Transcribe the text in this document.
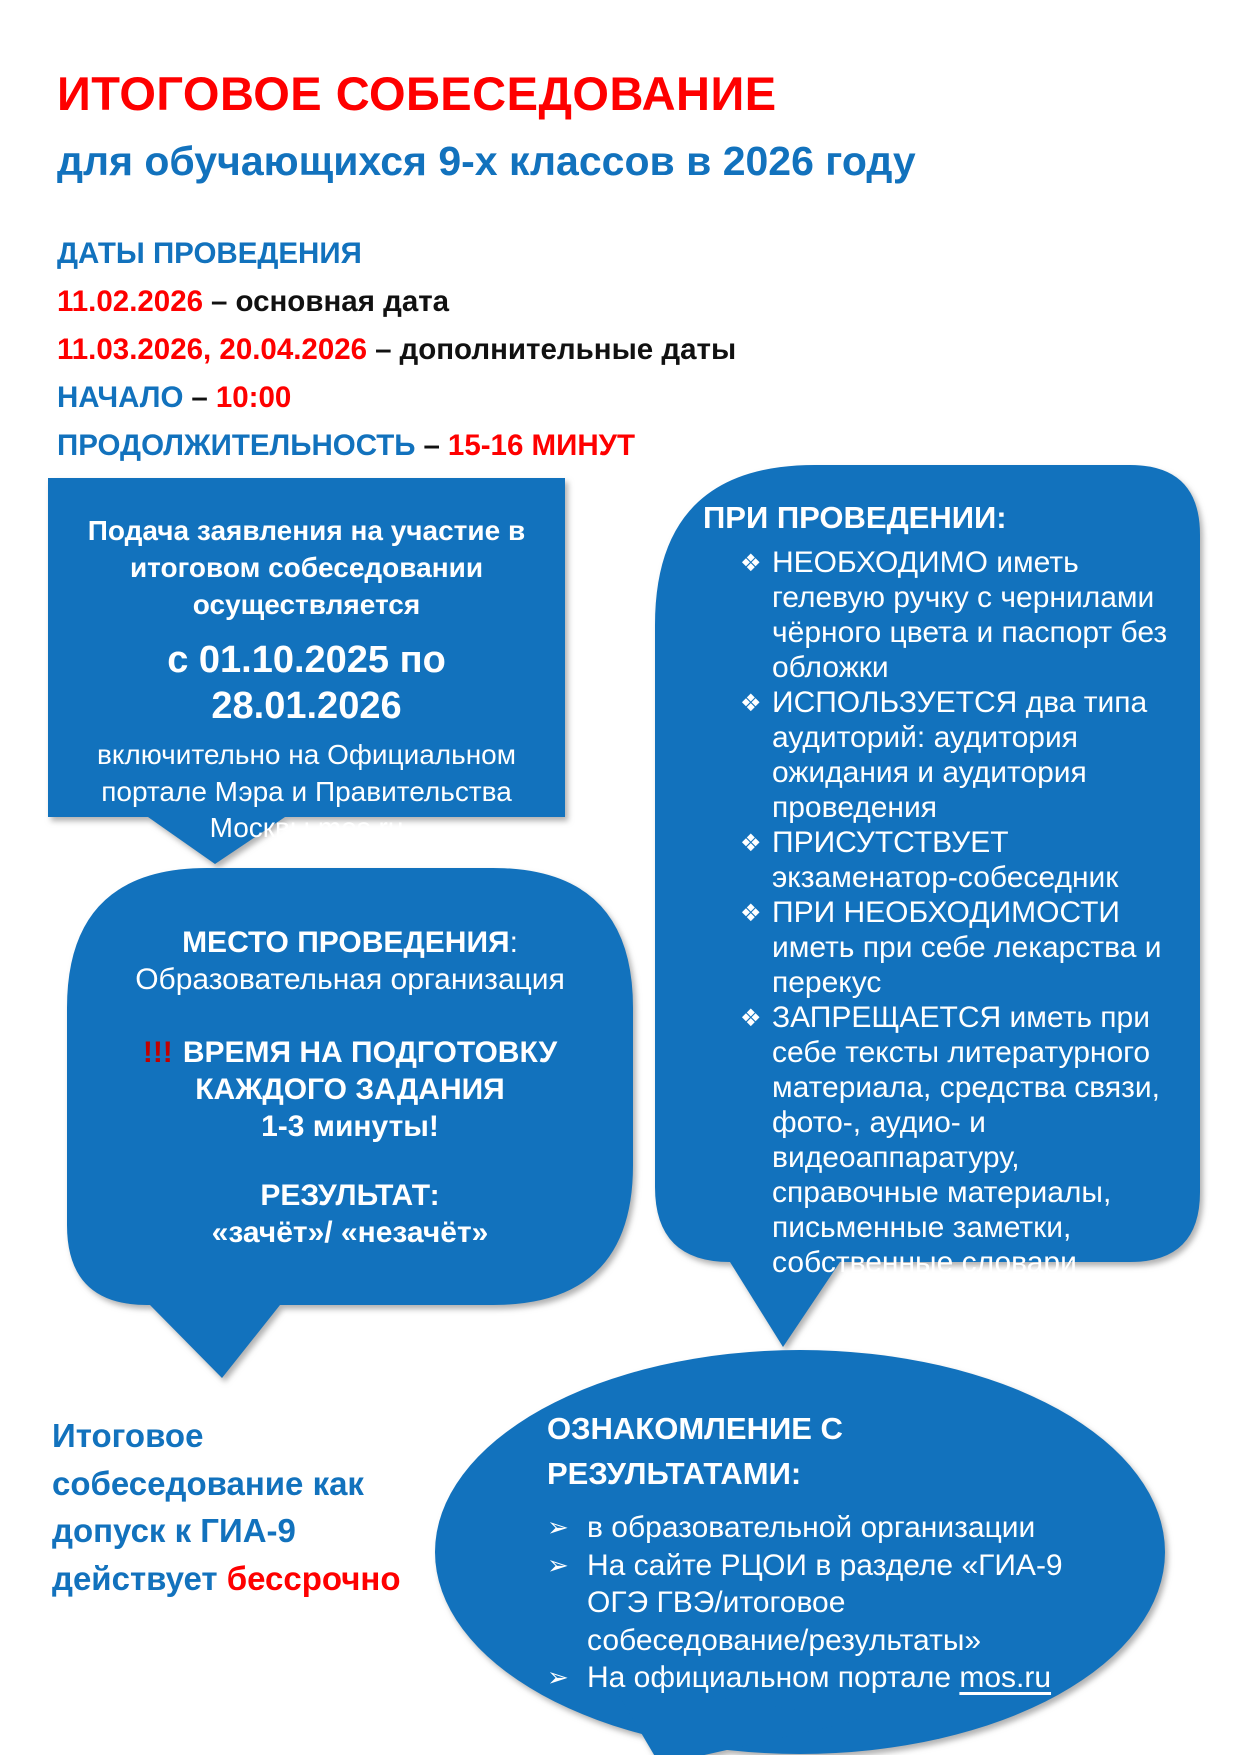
ИТОГОВОЕ СОБЕСЕДОВАНИЕ
для обучающихся 9-х классов в 2026 году
ДАТЫ ПРОВЕДЕНИЯ
11.02.2026 – основная дата
11.03.2026, 20.04.2026 – дополнительные даты
НАЧАЛО – 10:00
ПРОДОЛЖИТЕЛЬНОСТЬ – 15-16 МИНУТ
Подача заявления на участие в итоговом собеседовании осуществляется
с 01.10.2025 по 28.01.2026
включительно на Официальном портале Мэра и Правительства Москвы mos.ru

ПРИ ПРОВЕДЕНИИ:

❖ НЕОБХОДИМО иметь гелевую ручку с чернилами чёрного цвета и паспорт без обложки
❖ ИСПОЛЬЗУЕТСЯ два типа аудиторий: аудитория ожидания и аудитория проведения
❖ ПРИСУТСТВУЕТ экзаменатор-собеседник
❖ ПРИ НЕОБХОДИМОСТИ иметь при себе лекарства и перекус
❖ ЗАПРЕЩАЕТСЯ иметь при себе тексты литературного материала, средства связи, фото-, аудио- и видеоаппаратуру, справочные материалы, письменные заметки, собственные словари

МЕСТО ПРОВЕДЕНИЯ:

Образовательная организация

!!! ВРЕМЯ НА ПОДГОТОВКУ КАЖДОГО ЗАДАНИЯ

1-3 минуты!

РЕЗУЛЬТАТ:

«зачёт»/ «незачёт»

ОЗНАКОМЛЕНИЕ С РЕЗУЛЬТАТАМИ:

➢ в образовательной организации
➢ На сайте РЦОИ в разделе «ГИА-9 ОГЭ ГВЭ/итоговое собеседование/результаты»
➢ На официальном портале mos.ru
Итоговое собеседование как допуск к ГИА-9 действует бессрочно
